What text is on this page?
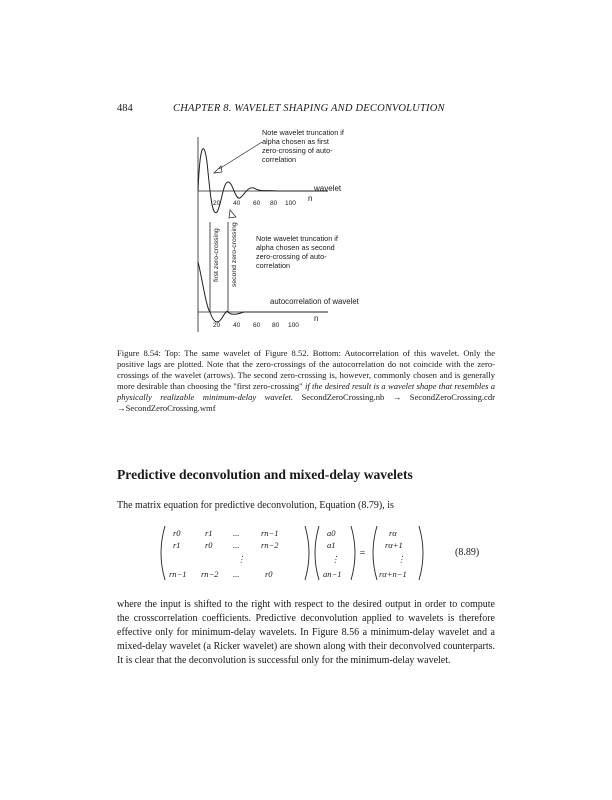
484	CHAPTER 8. WAVELET SHAPING AND DECONVOLUTION
Note wavelet truncation if
alpha chosen as first
zero-crossing of auto-
correlation
wavelet
n
20 40 60 80 100
first zero-crossing second zero-crossing Note wavelet truncation if
alpha chosen as second
zero-crossing of auto-
correlation
autocorrelation of wavelet
n
20 40 60 80 100
Figure 8.54: Top: The same wavelet of Figure 8.52. Bottom: Autocorrelation of this wavelet. Only the positive lags are plotted. Note that the zero-crossings of the autocorrelation do not coincide with the zero-crossings of the wavelet (arrows). The second zero-crossing is, however, commonly chosen and is generally more desirable than choosing the "first zero-crossing" if the desired result is a wavelet shape that resembles a physically realizable minimum-delay wavelet. SecondZeroCrossing.nb → SecondZeroCrossing.cdr →SecondZeroCrossing.wmf
Predictive deconvolution and mixed-delay wavelets
The matrix equation for predictive deconvolution, Equation (8.79), is
r0	r1 ...	rn−1
r1	r0 ...	rn−2
⋮
rn−1 rn−2 ...	r0
a0
a1
⋮
an−1
=
rα
rα+1
⋮
rα+n−1
(8.89)
where the input is shifted to the right with respect to the desired output in order to compute the crosscorrelation coefficients. Predictive deconvolution applied to wavelets is therefore effective only for minimum-delay wavelets. In Figure 8.56 a minimum-delay wavelet and a mixed-delay wavelet (a Ricker wavelet) are shown along with their deconvolved counterparts. It is clear that the deconvolution is successful only for the minimum-delay wavelet.
